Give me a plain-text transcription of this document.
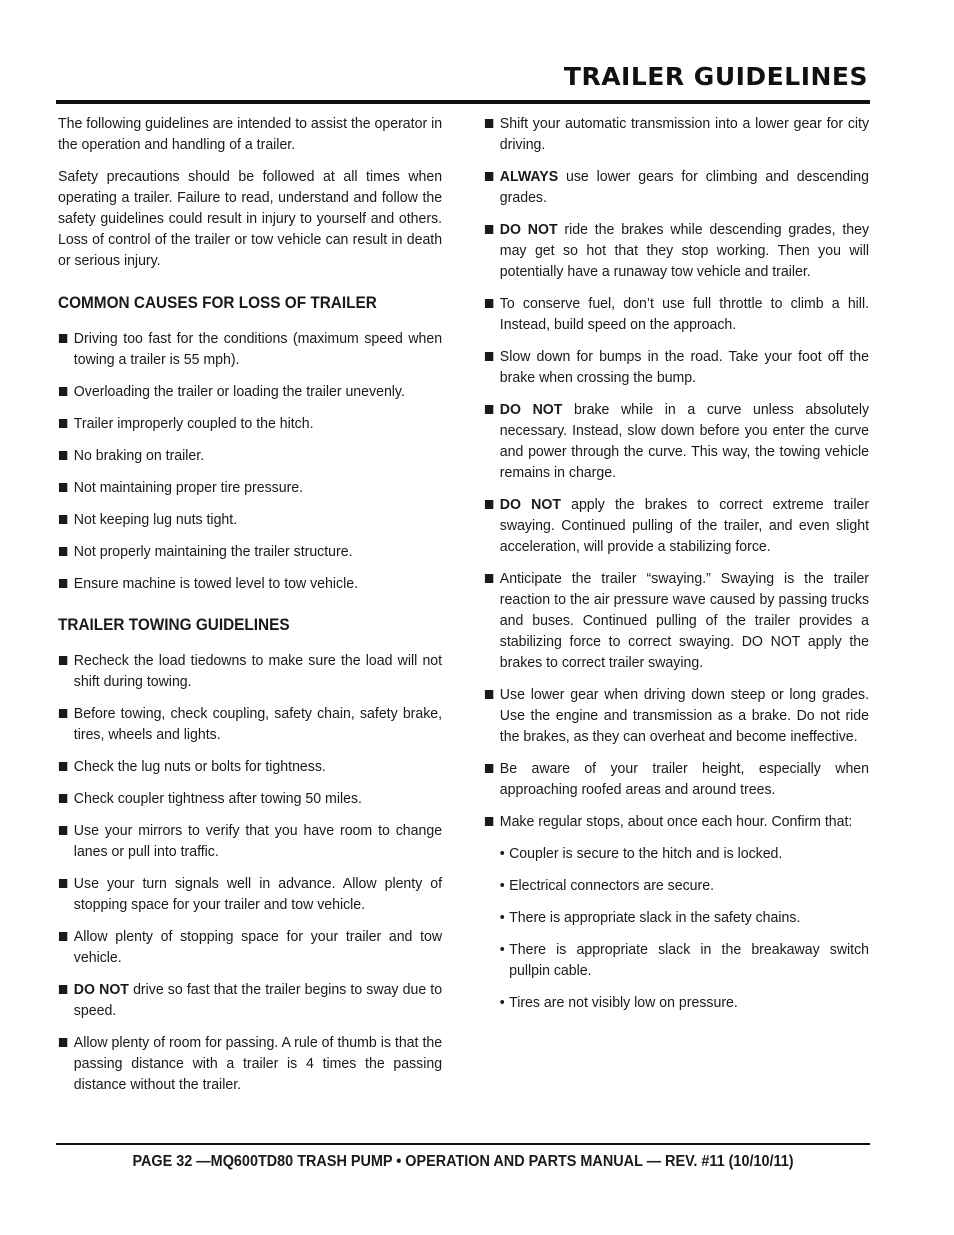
TRAILER GUIDELINES

The following guidelines are intended to assist the operator in the operation and handling of a trailer.

Safety precautions should be followed at all times when operating a trailer. Failure to read, understand and follow the safety guidelines could result in injury to yourself and others. Loss of control of the trailer or tow vehicle can result in death or serious injury.

COMMON CAUSES FOR LOSS OF TRAILER
Driving too fast for the conditions (maximum speed when towing a trailer is 55 mph).
Overloading the trailer or loading the trailer unevenly.
Trailer improperly coupled to the hitch.
No braking on trailer.
Not maintaining proper tire pressure.
Not keeping lug nuts tight.
Not properly maintaining the trailer structure.
Ensure machine is towed level to tow vehicle.
TRAILER TOWING GUIDELINES
Recheck the load tiedowns to make sure the load will not shift during towing.
Before towing, check coupling, safety chain, safety brake, tires, wheels and lights.
Check the lug nuts or bolts for tightness.
Check coupler tightness after towing 50 miles.
Use your mirrors to verify that you have room to change lanes or pull into traffic.
Use your turn signals well in advance. Allow plenty of stopping space for your trailer and tow vehicle.
Allow plenty of stopping space for your trailer and tow vehicle.
DO NOT drive so fast that the trailer begins to sway due to speed.
Allow plenty of room for passing. A rule of thumb is that the passing distance with a trailer is 4 times the passing distance without the trailer.
Shift your automatic transmission into a lower gear for city driving.
ALWAYS use lower gears for climbing and descending grades.
DO NOT ride the brakes while descending grades, they may get so hot that they stop working. Then you will potentially have a runaway tow vehicle and trailer.
To conserve fuel, don’t use full throttle to climb a hill. Instead, build speed on the approach.
Slow down for bumps in the road. Take your foot off the brake when crossing the bump.
DO NOT brake while in a curve unless absolutely necessary. Instead, slow down before you enter the curve and power through the curve. This way, the towing vehicle remains in charge.
DO NOT apply the brakes to correct extreme trailer swaying. Continued pulling of the trailer, and even slight acceleration, will provide a stabilizing force.
Anticipate the trailer “swaying.” Swaying is the trailer reaction to the air pressure wave caused by passing trucks and buses. Continued pulling of the trailer provides a stabilizing force to correct swaying. DO NOT apply the brakes to correct trailer swaying.
Use lower gear when driving down steep or long grades. Use the engine and transmission as a brake. Do not ride the brakes, as they can overheat and become ineffective.
Be aware of your trailer height, especially when approaching roofed areas and around trees.
Make regular stops, about once each hour. Confirm that:
• Coupler is secure to the hitch and is locked.
• Electrical connectors are secure.
• There is appropriate slack in the safety chains.
• There is appropriate slack in the breakaway switch pullpin cable.
• Tires are not visibly low on pressure.
PAGE 32 —MQ600TD80 TRASH PUMP • OPERATION AND PARTS MANUAL — REV. #11 (10/10/11)
